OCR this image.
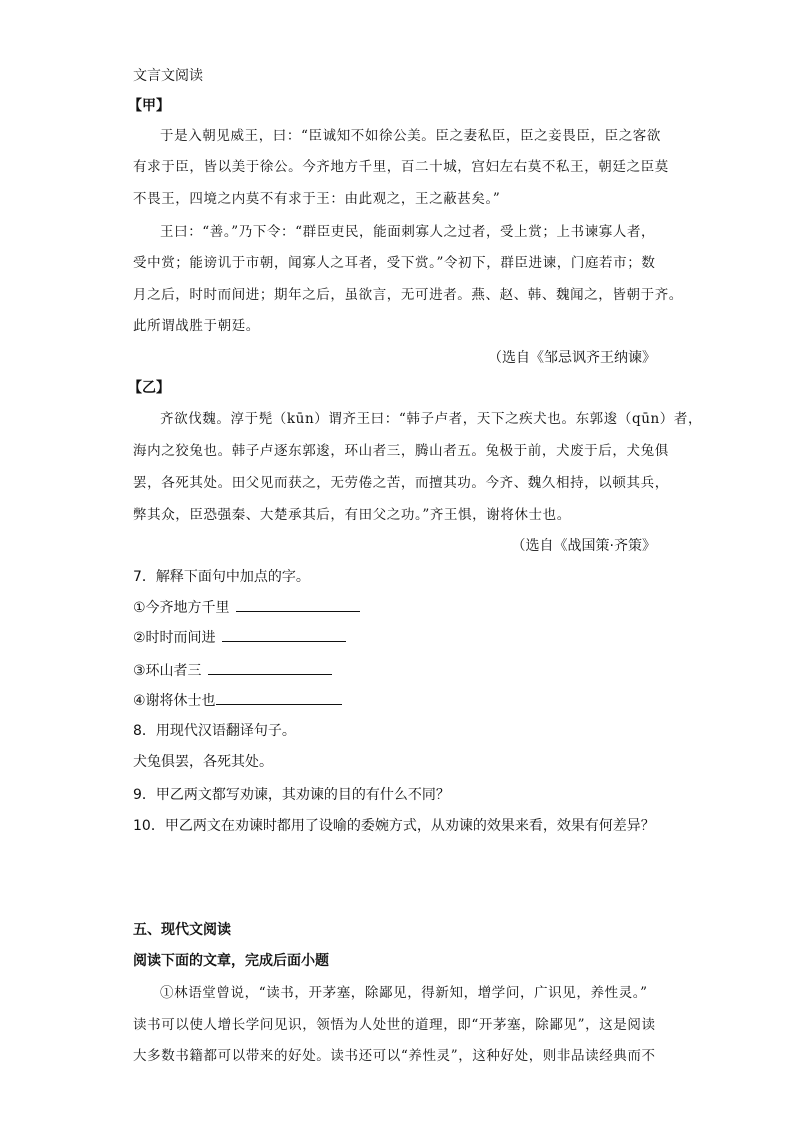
文言文阅读
【甲】
于是入朝见威王，曰：“臣诚知不如徐公美。臣之妻私臣，臣之妾畏臣，臣之客欲
有求于臣，皆以美于徐公。今齐地方千里，百二十城，宫妇左右莫不私王，朝廷之臣莫
不畏王，四境之内莫不有求于王：由此观之，王之蔽甚矣。”
王曰：“善。”乃下令：“群臣吏民，能面刺寡人之过者，受上赏；上书谏寡人者，
受中赏；能谤讥于市朝，闻寡人之耳者，受下赏。”令初下，群臣进谏，门庭若市；数
月之后，时时而间进；期年之后，虽欲言，无可进者。燕、赵、韩、魏闻之，皆朝于齐。
此所谓战胜于朝廷。
（选自《邹忌讽齐王纳谏》
【乙】
齐欲伐魏。淳于髡（kūn）谓齐王曰：“韩子卢者，天下之疾犬也。东郭逡（qūn）者，
海内之狡兔也。韩子卢逐东郭逡，环山者三，腾山者五。兔极于前，犬废于后，犬兔俱
罢，各死其处。田父见而获之，无劳倦之苦，而擅其功。今齐、魏久相持，以顿其兵，
弊其众，臣恐强秦、大楚承其后，有田父之功。”齐王惧，谢将休士也。
（选自《战国策·齐策》
7．解释下面句中加点的字。
①今齐地方千里
②时时而间进
③环山者三
④谢将休士也
8．用现代汉语翻译句子。
犬兔俱罢，各死其处。
9．甲乙两文都写劝谏，其劝谏的目的有什么不同？
10．甲乙两文在劝谏时都用了设喻的委婉方式，从劝谏的效果来看，效果有何差异？
五、现代文阅读
阅读下面的文章，完成后面小题
①林语堂曾说，“读书，开茅塞，除鄙见，得新知，增学问，广识见，养性灵。”
读书可以使人增长学问见识，领悟为人处世的道理，即“开茅塞，除鄙见”，这是阅读
大多数书籍都可以带来的好处。读书还可以“养性灵”，这种好处，则非品读经典而不
